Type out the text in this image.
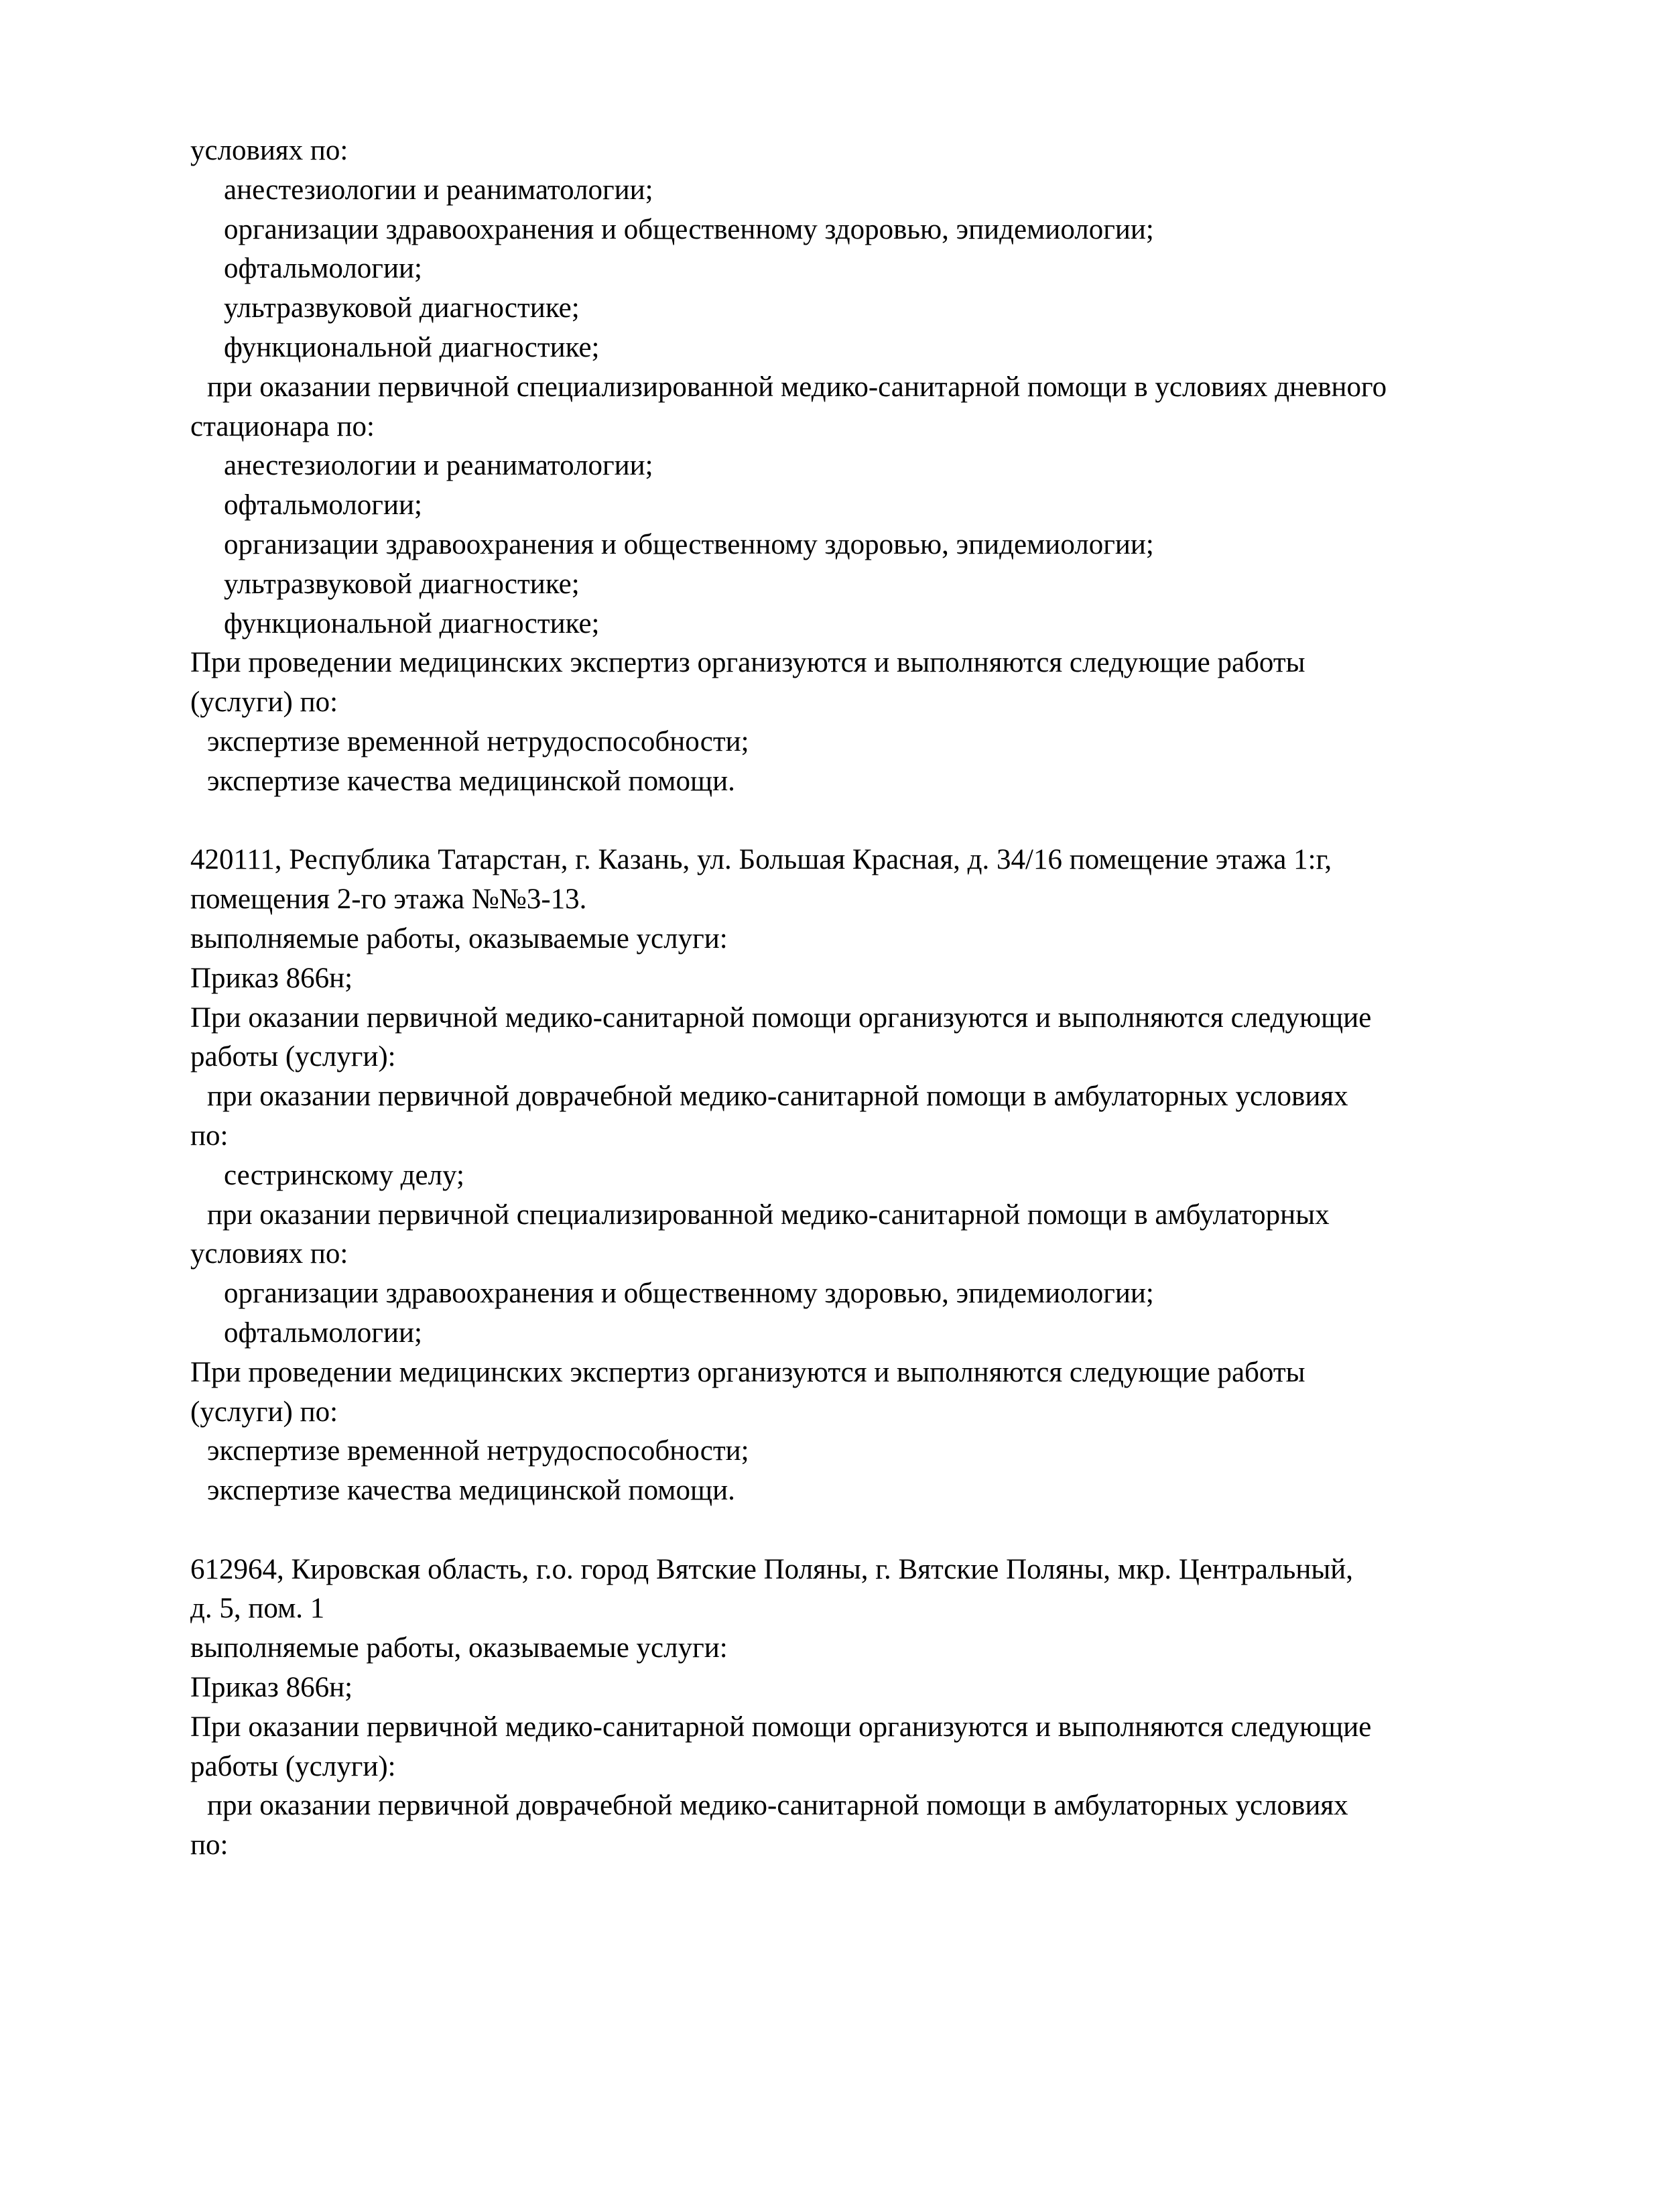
условиях по:
анестезиологии и реаниматологии;
организации здравоохранения и общественному здоровью, эпидемиологии;
офтальмологии;
ультразвуковой диагностике;
функциональной диагностике;
при оказании первичной специализированной медико-санитарной помощи в условиях дневного
стационара по:
анестезиологии и реаниматологии;
офтальмологии;
организации здравоохранения и общественному здоровью, эпидемиологии;
ультразвуковой диагностике;
функциональной диагностике;
При проведении медицинских экспертиз организуются и выполняются следующие работы
(услуги) по:
экспертизе временной нетрудоспособности;
экспертизе качества медицинской помощи.
420111, Республика Татарстан, г. Казань, ул. Большая Красная, д. 34/16 помещение этажа 1:г,
помещения 2-го этажа №№3-13.
выполняемые работы, оказываемые услуги:
Приказ 866н;
При оказании первичной медико-санитарной помощи организуются и выполняются следующие
работы (услуги):
при оказании первичной доврачебной медико-санитарной помощи в амбулаторных условиях
по:
сестринскому делу;
при оказании первичной специализированной медико-санитарной помощи в амбулаторных
условиях по:
организации здравоохранения и общественному здоровью, эпидемиологии;
офтальмологии;
При проведении медицинских экспертиз организуются и выполняются следующие работы
(услуги) по:
экспертизе временной нетрудоспособности;
экспертизе качества медицинской помощи.
612964, Кировская область, г.о. город Вятские Поляны, г. Вятские Поляны, мкр. Центральный,
д. 5, пом. 1
выполняемые работы, оказываемые услуги:
Приказ 866н;
При оказании первичной медико-санитарной помощи организуются и выполняются следующие
работы (услуги):
при оказании первичной доврачебной медико-санитарной помощи в амбулаторных условиях
по:
